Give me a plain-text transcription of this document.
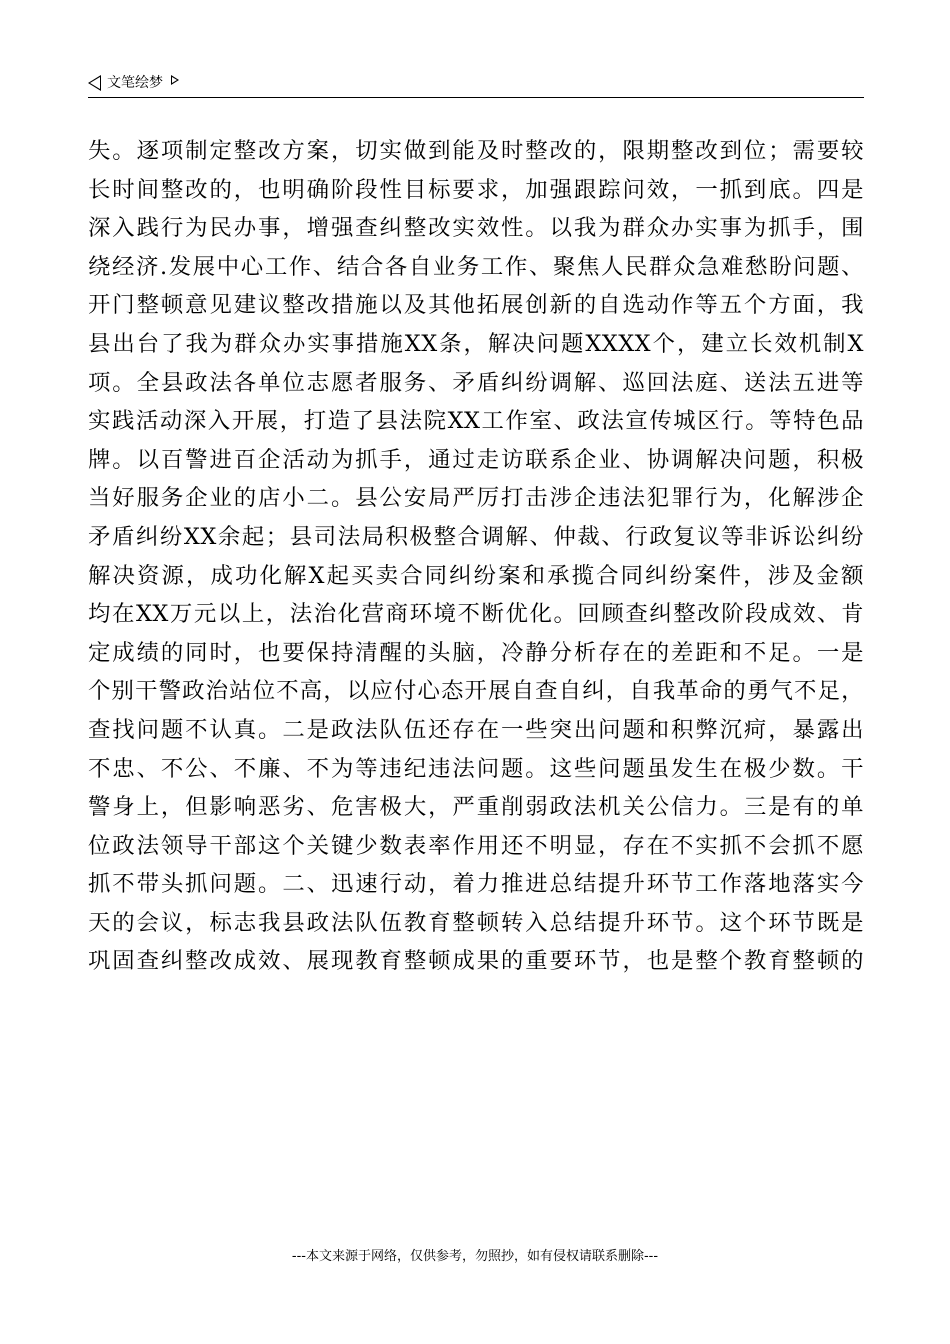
文笔绘梦
失。逐项制定整改方案，切实做到能及时整改的，限期整改到位；需要较
长时间整改的，也明确阶段性目标要求，加强跟踪问效，一抓到底。四是
深入践行为民办事，增强查纠整改实效性。以我为群众办实事为抓手，围
绕经济.发展中心工作、结合各自业务工作、聚焦人民群众急难愁盼问题、
开门整顿意见建议整改措施以及其他拓展创新的自选动作等五个方面，我
县出台了我为群众办实事措施XX条，解决问题XXXX个，建立长效机制X
项。全县政法各单位志愿者服务、矛盾纠纷调解、巡回法庭、送法五进等
实践活动深入开展，打造了县法院XX工作室、政法宣传城区行。等特色品
牌。以百警进百企活动为抓手，通过走访联系企业、协调解决问题，积极
当好服务企业的店小二。县公安局严厉打击涉企违法犯罪行为，化解涉企
矛盾纠纷XX余起；县司法局积极整合调解、仲裁、行政复议等非诉讼纠纷
解决资源，成功化解X起买卖合同纠纷案和承揽合同纠纷案件，涉及金额
均在XX万元以上，法治化营商环境不断优化。回顾查纠整改阶段成效、肯
定成绩的同时，也要保持清醒的头脑，冷静分析存在的差距和不足。一是
个别干警政治站位不高，以应付心态开展自查自纠，自我革命的勇气不足，
查找问题不认真。二是政法队伍还存在一些突出问题和积弊沉疴，暴露出
不忠、不公、不廉、不为等违纪违法问题。这些问题虽发生在极少数。干
警身上，但影响恶劣、危害极大，严重削弱政法机关公信力。三是有的单
位政法领导干部这个关键少数表率作用还不明显，存在不实抓不会抓不愿
抓不带头抓问题。二、迅速行动，着力推进总结提升环节工作落地落实今
天的会议，标志我县政法队伍教育整顿转入总结提升环节。这个环节既是
巩固查纠整改成效、展现教育整顿成果的重要环节，也是整个教育整顿的
---本文来源于网络，仅供参考，勿照抄，如有侵权请联系删除---
